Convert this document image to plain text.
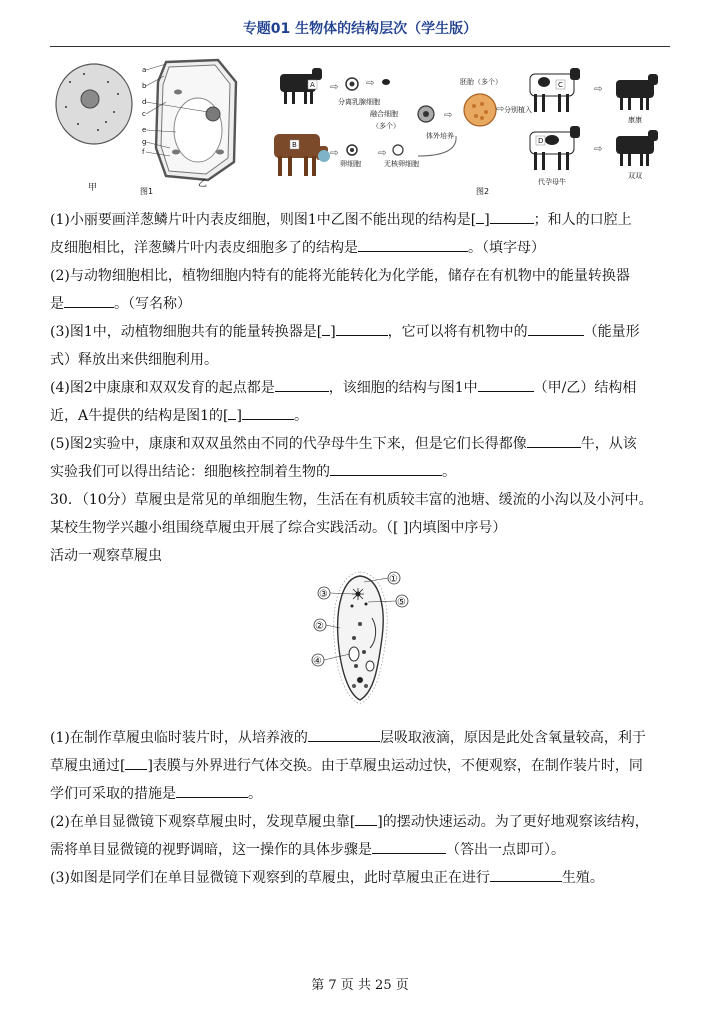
专题01 生物体的结构层次（学生版）
甲	图1
乙
a
b
d
c
e
g
f
A
B
⇨	⇨
⇨	⇨
⇨
⇨
⇨
⇨
分离乳腺细胞
卵细胞	无核卵细胞
融合细胞
（多个）
体外培养
胚胎（多个）
分别植入
C
D
代孕母牛
康康
双双
图2
(1)小丽要画洋葱鳞片叶内表皮细胞，则图1中乙图不能出现的结构是[ ]	；和人的口腔上
皮细胞相比，洋葱鳞片叶内表皮细胞多了的结构是	。（填字母）
(2)与动物细胞相比，植物细胞内特有的能将光能转化为化学能，储存在有机物中的能量转换器
是	。（写名称）
(3)图1中，动植物细胞共有的能量转换器是[ ]	，它可以将有机物中的	（能量形
式）释放出来供细胞利用。
(4)图2中康康和双双发育的起点都是	，该细胞的结构与图1中	（甲/乙）结构相
近，A牛提供的结构是图1的[ ]	。
(5)图2实验中，康康和双双虽然由不同的代孕母牛生下来，但是它们长得都像	牛，从该
实验我们可以得出结论：细胞核控制着生物的	。
30．（10分）草履虫是常见的单细胞生物，生活在有机质较丰富的池塘、缓流的小沟以及小河中。
某校生物学兴趣小组围绕草履虫开展了综合实践活动。（[ ]内填图中序号）
活动一观察草履虫
①
③
⑤
②
④
(1)在制作草履虫临时装片时，从培养液的	层吸取液滴，原因是此处含氧量较高，利于
草履虫通过[ ]表膜与外界进行气体交换。由于草履虫运动过快，不便观察，在制作装片时，同
学们可采取的措施是	。
(2)在单目显微镜下观察草履虫时，发现草履虫靠[ ]的摆动快速运动。为了更好地观察该结构，
需将单目显微镜的视野调暗，这一操作的具体步骤是	（答出一点即可）。
(3)如图是同学们在单目显微镜下观察到的草履虫，此时草履虫正在进行	生殖。
第 7 页 共 25 页
